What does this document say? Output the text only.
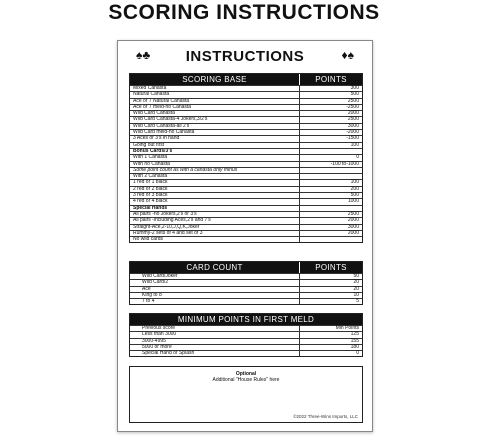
SCORING INSTRUCTIONS
♠♣	INSTRUCTIONS	♦♠
SCORING BASE	POINTS
Mixed Canasta	300
Natural Canasta	500
Ace or 7 Natural Canasta	2500
Ace or 7 meld-no Canasta	-2500
Wild Card Canasta	2000
Wild Card Canasta-4 Jokers,3/2's	2500
Wild Card Canasta-all 2's	3000
Wild Card meld-no Canasta	-2000
3 Aces or 3's in hand	-1500
Going out first	100
Bonus Cards/3's
With 1 Canasta	0
With no Canasta	-100 to-1000
Some point count as with a canasta only minus
With 2 Canasta
1 red or 1 black	100
2 red or 2 black	200
3 red or 3 black	500
4 red or 4 black	1000
Special Hands
All pairs -no Jokers,2's or 3's	2500
All pairs -including Aces,2's and 7's	2000
Straight-Ace,2-10,J,Q,K,Joker	3000
Rummy-2 sets of 4 and set of 3	2000
No wild cards
CARD COUNT	POINTS
Wild Card/Joker	50
Wild Card/2	20
Ace	20
King to 8	10
7 to 4	5
MINIMUM POINTS IN FIRST MELD
Previous score	Min Points
Less than 3000	125
3000-4995	155
5000 or more	180
Special Hand or Splash	0
Optional
Additional "House Rules" here
©2022 Three-Wins Imports, LLC
